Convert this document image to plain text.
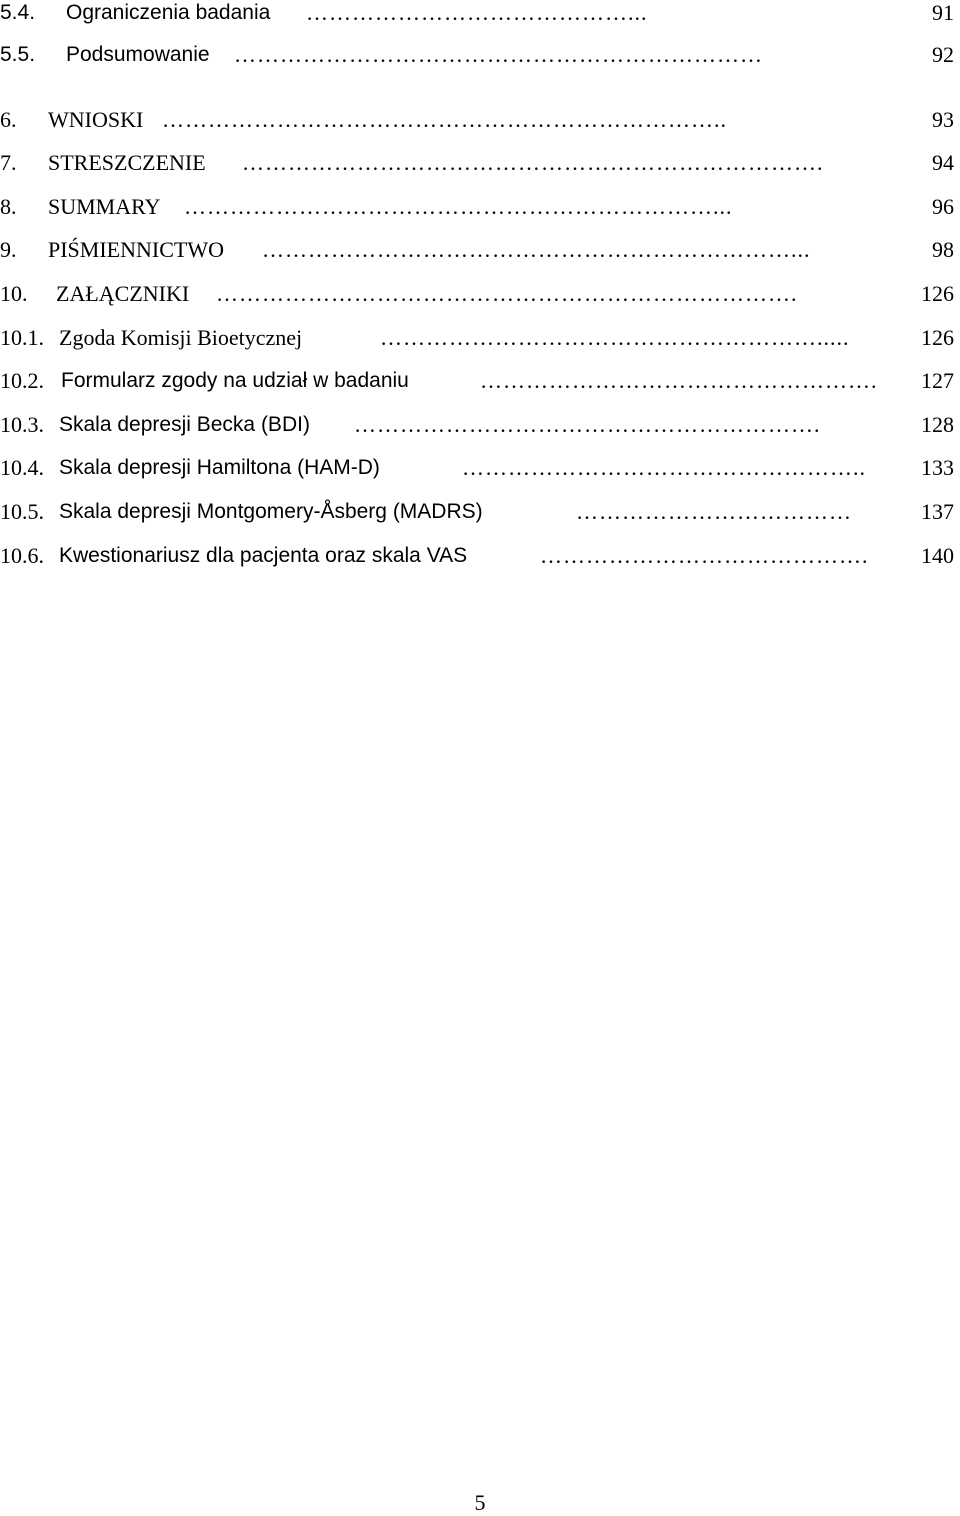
5.4. Ograniczenia badania ……………………………………...	91
5.5. Podsumowanie ……………………………………………………………	92
6. WNIOSKI ………………………………………………………………..	93
7. STRESZCZENIE ………………………………………………………………….	94
8. SUMMARY ……………………………………………………………...	96
9. PIŚMIENNICTWO ……………………………………………………………...	98
10. ZAŁĄCZNIKI ………………………………………………………………….	126
10.1. Zgoda Komisji Bioetycznej	………………………………………………….....	126
10.2. Formularz zgody na udział w badaniu	…………………………………………….	127
10.3. Skala depresji Becka (BDI) …………………………………………………….	128
10.4. Skala depresji Hamiltona (HAM-D)	……………………………………………..	133
10.5. Skala depresji Montgomery-Åsberg (MADRS)	………………………………	137
10.6. Kwestionariusz dla pacjenta oraz skala VAS	…………………………………….	140
5
